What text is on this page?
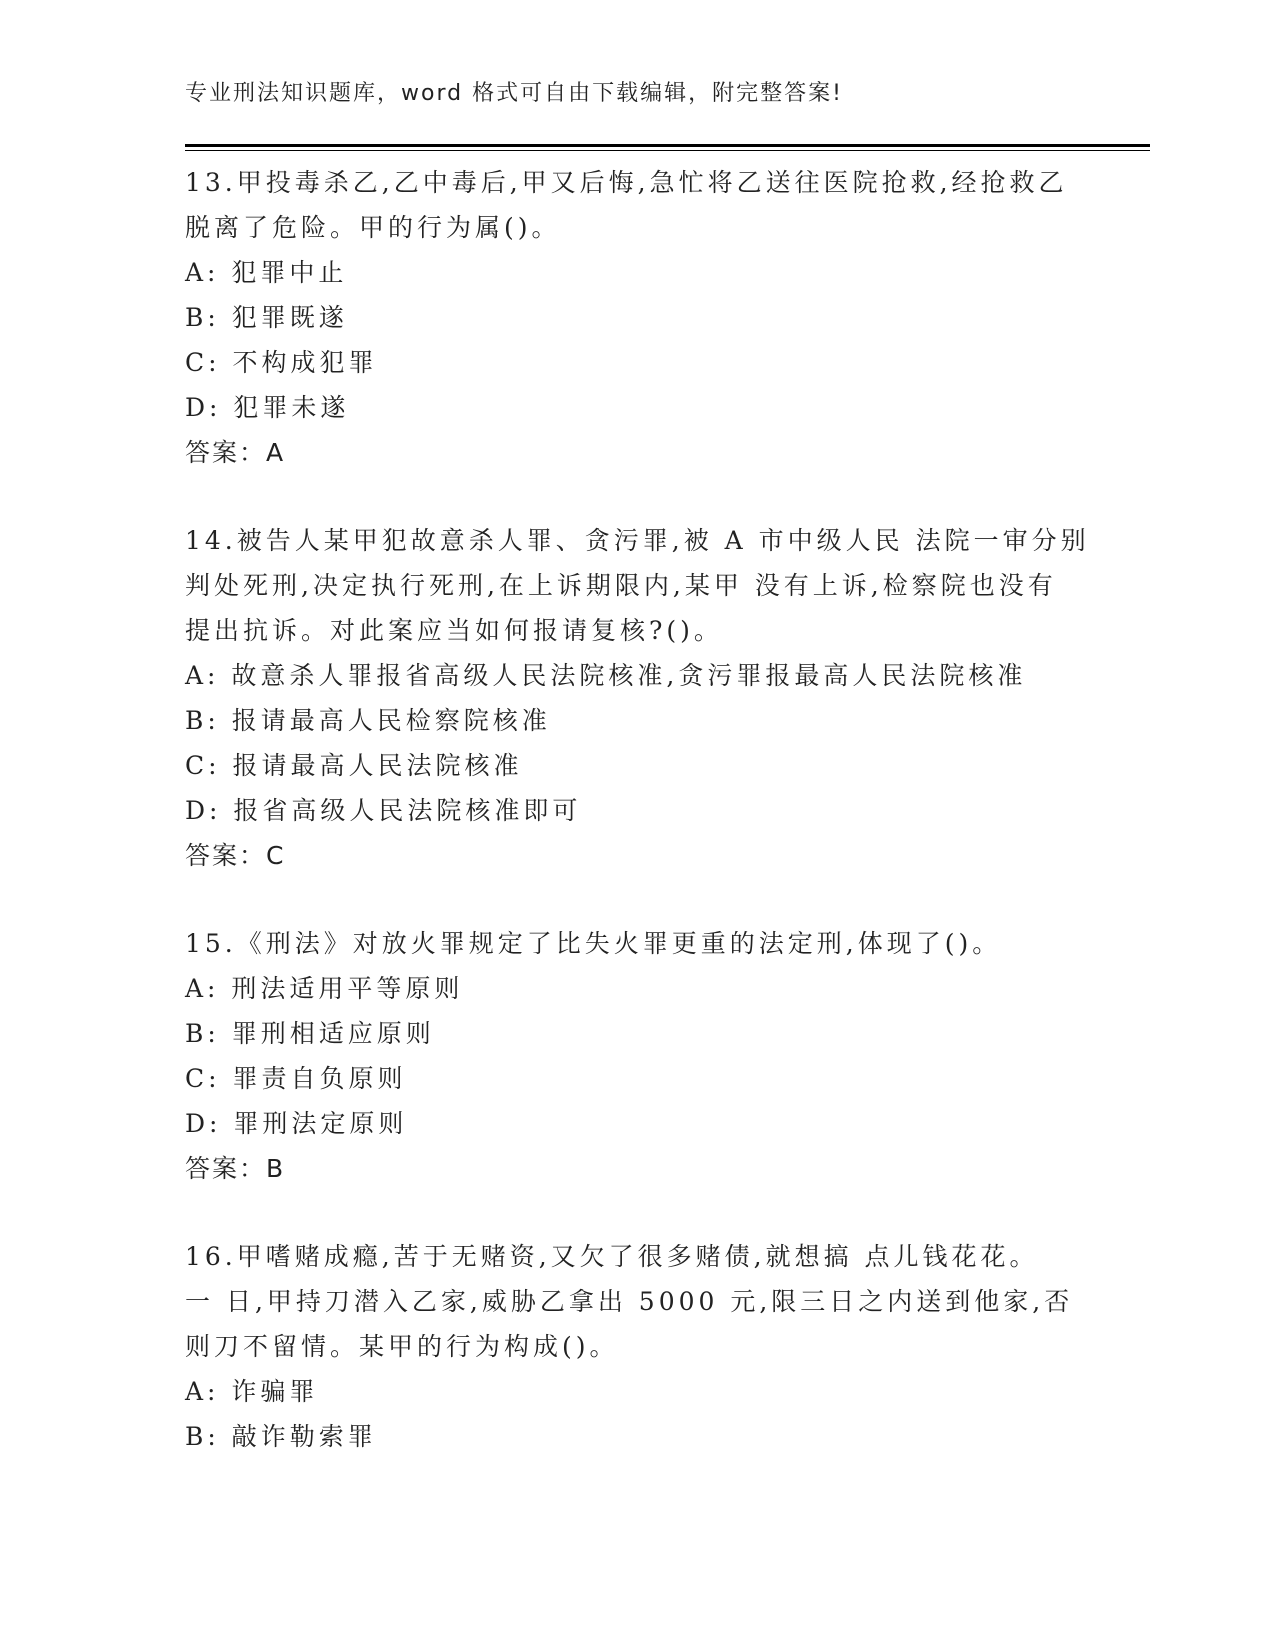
专业刑法知识题库，word 格式可自由下载编辑，附完整答案!
13.甲投毒杀乙,乙中毒后,甲又后悔,急忙将乙送往医院抢救,经抢救乙
脱离了危险。甲的行为属()。
A: 犯罪中止
B: 犯罪既遂
C: 不构成犯罪
D: 犯罪未遂
答案：A
14.被告人某甲犯故意杀人罪、贪污罪,被 A 市中级人民 法院一审分别
判处死刑,决定执行死刑,在上诉期限内,某甲 没有上诉,检察院也没有
提出抗诉。对此案应当如何报请复核?()。
A: 故意杀人罪报省高级人民法院核准,贪污罪报最高人民法院核准
B: 报请最高人民检察院核准
C: 报请最高人民法院核准
D: 报省高级人民法院核准即可
答案：C
15.《刑法》对放火罪规定了比失火罪更重的法定刑,体现了()。
A: 刑法适用平等原则
B: 罪刑相适应原则
C: 罪责自负原则
D: 罪刑法定原则
答案：B
16.甲嗜赌成瘾,苦于无赌资,又欠了很多赌债,就想搞 点儿钱花花。
一 日,甲持刀潜入乙家,威胁乙拿出 5000 元,限三日之内送到他家,否
则刀不留情。某甲的行为构成()。
A: 诈骗罪
B: 敲诈勒索罪
